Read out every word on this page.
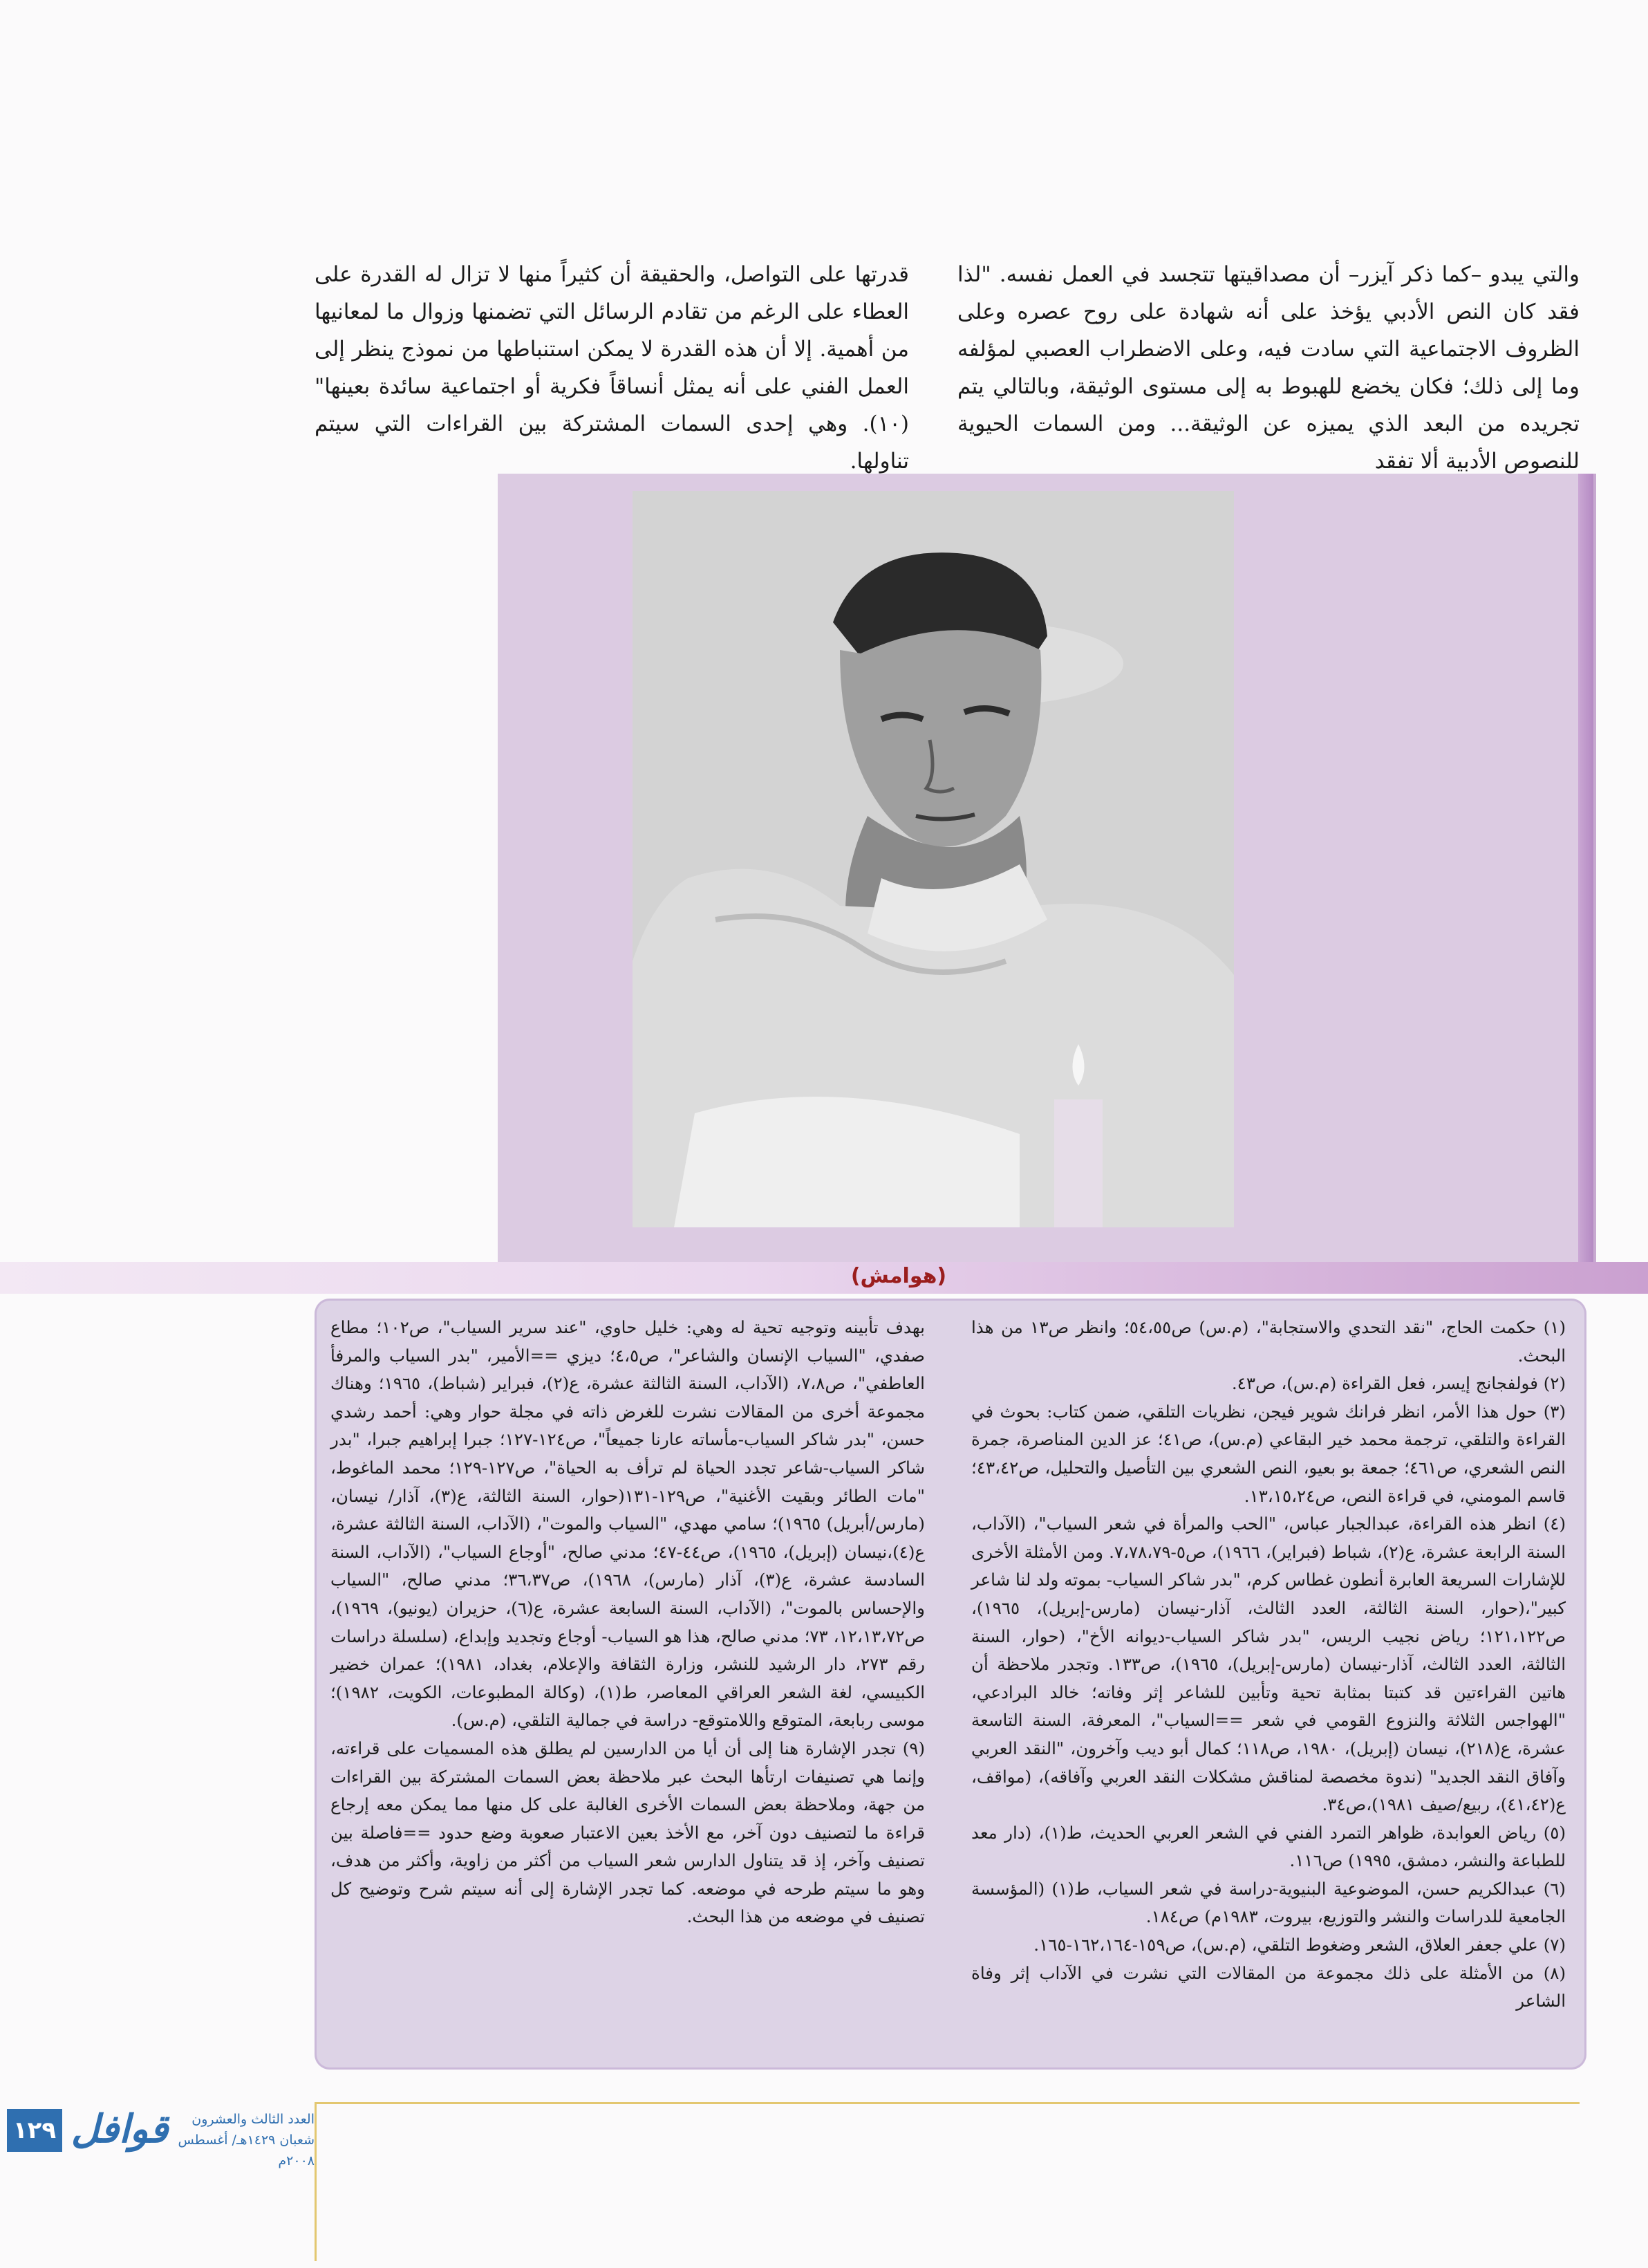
والتي يبدو –كما ذكر آيزر– أن مصداقيتها تتجسد في العمل نفسه. "لذا فقد كان النص الأدبي يؤخذ على أنه شهادة على روح عصره وعلى الظروف الاجتماعية التي سادت فيه، وعلى الاضطراب العصبي لمؤلفه وما إلى ذلك؛ فكان يخضع للهبوط به إلى مستوى الوثيقة، وبالتالي يتم تجريده من البعد الذي يميزه عن الوثيقة... ومن السمات الحيوية للنصوص الأدبية ألا تفقد

قدرتها على التواصل، والحقيقة أن كثيراً منها لا تزال له القدرة على العطاء على الرغم من تقادم الرسائل التي تضمنها وزوال ما لمعانيها من أهمية. إلا أن هذه القدرة لا يمكن استنباطها من نموذج ينظر إلى العمل الفني على أنه يمثل أنساقاً فكرية أو اجتماعية سائدة بعينها" (١٠). وهي إحدى السمات المشتركة بين القراءات التي سيتم تناولها.

(هوامش)

(١) حكمت الحاج، "نقد التحدي والاستجابة"، (م.س) ص٥٤،٥٥؛ وانظر ص١٣ من هذا البحث.

(٢) فولفجانج إيسر، فعل القراءة (م.س)، ص٤٣.

(٣) حول هذا الأمر، انظر فرانك شوير فيجن، نظريات التلقي، ضمن كتاب: بحوث في القراءة والتلقي، ترجمة محمد خير البقاعي (م.س)، ص٤١؛ عز الدين المناصرة، جمرة النص الشعري، ص٤٦١؛ جمعة بو بعيو، النص الشعري بين التأصيل والتحليل، ص٤٣،٤٢؛ قاسم المومني، في قراءة النص، ص١٣،١٥،٢٤.

(٤) انظر هذه القراءة، عبدالجبار عباس، "الحب والمرأة في شعر السياب"، (الآداب، السنة الرابعة عشرة، ع(٢)، شباط (فبراير)، ١٩٦٦)، ص٥-٧،٧٨،٧٩. ومن الأمثلة الأخرى للإشارات السريعة العابرة أنطون غطاس كرم، "بدر شاكر السياب- بموته ولد لنا شاعر كبير"،(حوار، السنة الثالثة، العدد الثالث، آذار-نيسان (مارس-إبريل)، ١٩٦٥)، ص١٢١،١٢٢؛ رياض نجيب الريس، "بدر شاكر السياب-ديوانه الأخ"، (حوار، السنة الثالثة، العدد الثالث، آذار-نيسان (مارس-إبريل)، ١٩٦٥)، ص١٣٣. وتجدر ملاحظة أن هاتين القراءتين قد كتبتا بمثابة تحية وتأبين للشاعر إثر وفاته؛ خالد البرادعي، "الهواجس الثلاثة والنزوع القومي في شعر ==السياب"، المعرفة، السنة التاسعة عشرة، ع(٢١٨)، نيسان (إبريل)، ١٩٨٠، ص١١٨؛ كمال أبو ديب وآخرون، "النقد العربي وآفاق النقد الجديد" (ندوة مخصصة لمناقش مشكلات النقد العربي وآفاقه)، (مواقف، ع(٤١،٤٢)، ربيع/صيف ١٩٨١)،ص٣٤.

(٥) رياض العوابدة، ظواهر التمرد الفني في الشعر العربي الحديث، ط(١)، (دار معد للطباعة والنشر، دمشق، ١٩٩٥) ص١١٦.

(٦) عبدالكريم حسن، الموضوعية البنيوية-دراسة في شعر السياب، ط(١) (المؤسسة الجامعية للدراسات والنشر والتوزيع، بيروت، ١٩٨٣م) ص١٨٤.

(٧) علي جعفر العلاق، الشعر وضغوط التلقي، (م.س)، ص١٥٩-١٦٢،١٦٤-١٦٥.

(٨) من الأمثلة على ذلك مجموعة من المقالات التي نشرت في الآداب إثر وفاة الشاعر

بهدف تأبينه وتوجيه تحية له وهي: خليل حاوي، "عند سرير السياب"، ص١٠٢؛ مطاع صفدي، "السياب الإنسان والشاعر"، ص٤،٥؛ ديزي ==الأمير، "بدر السياب والمرفأ العاطفي"، ص٧،٨، (الآداب، السنة الثالثة عشرة، ع(٢)، فبراير (شباط)، ١٩٦٥؛ وهناك مجموعة أخرى من المقالات نشرت للغرض ذاته في مجلة حوار وهي: أحمد رشدي حسن، "بدر شاكر السياب-مأساته عارنا جميعاً"، ص١٢٤-١٢٧؛ جبرا إبراهيم جبرا، "بدر شاكر السياب-شاعر تجدد الحياة لم ترأف به الحياة"، ص١٢٧-١٢٩؛ محمد الماغوط، "مات الطائر وبقيت الأغنية"، ص١٢٩-١٣١(حوار، السنة الثالثة، ع(٣)، آذار/ نيسان، (مارس/أبريل) ١٩٦٥)؛ سامي مهدي، "السياب والموت"، (الآداب، السنة الثالثة عشرة، ع(٤)،نيسان (إبريل)، ١٩٦٥)، ص٤٤-٤٧؛ مدني صالح، "أوجاع السياب"، (الآداب، السنة السادسة عشرة، ع(٣)، آذار (مارس)، ١٩٦٨)، ص٣٦،٣٧؛ مدني صالح، "السياب والإحساس بالموت"، (الآداب، السنة السابعة عشرة، ع(٦)، حزيران (يونيو)، ١٩٦٩)، ص١٢،١٣،٧٢، ٧٣؛ مدني صالح، هذا هو السياب- أوجاع وتجديد وإبداع، (سلسلة دراسات رقم ٢٧٣، دار الرشيد للنشر، وزارة الثقافة والإعلام، بغداد، ١٩٨١)؛ عمران خضير الكبيسي، لغة الشعر العراقي المعاصر، ط(١)، (وكالة المطبوعات، الكويت، ١٩٨٢)؛ موسى ربابعة، المتوقع واللامتوقع- دراسة في جمالية التلقي، (م.س).

(٩) تجدر الإشارة هنا إلى أن أيا من الدارسين لم يطلق هذه المسميات على قراءته، وإنما هي تصنيفات ارتأها البحث عبر ملاحظة بعض السمات المشتركة بين القراءات من جهة، وملاحظة بعض السمات الأخرى الغالبة على كل منها مما يمكن معه إرجاع قراءة ما لتصنيف دون آخر، مع الأخذ بعين الاعتبار صعوبة وضع حدود ==فاصلة بين تصنيف وآخر، إذ قد يتناول الدارس شعر السياب من أكثر من زاوية، وأكثر من هدف، وهو ما سيتم طرحه في موضعه. كما تجدر الإشارة إلى أنه سيتم شرح وتوضيح كل تصنيف في موضعه من هذا البحث.

١٢٩ قوافل	العدد الثالث والعشرون
شعبان ١٤٢٩هـ/ أغسطس ٢٠٠٨م
